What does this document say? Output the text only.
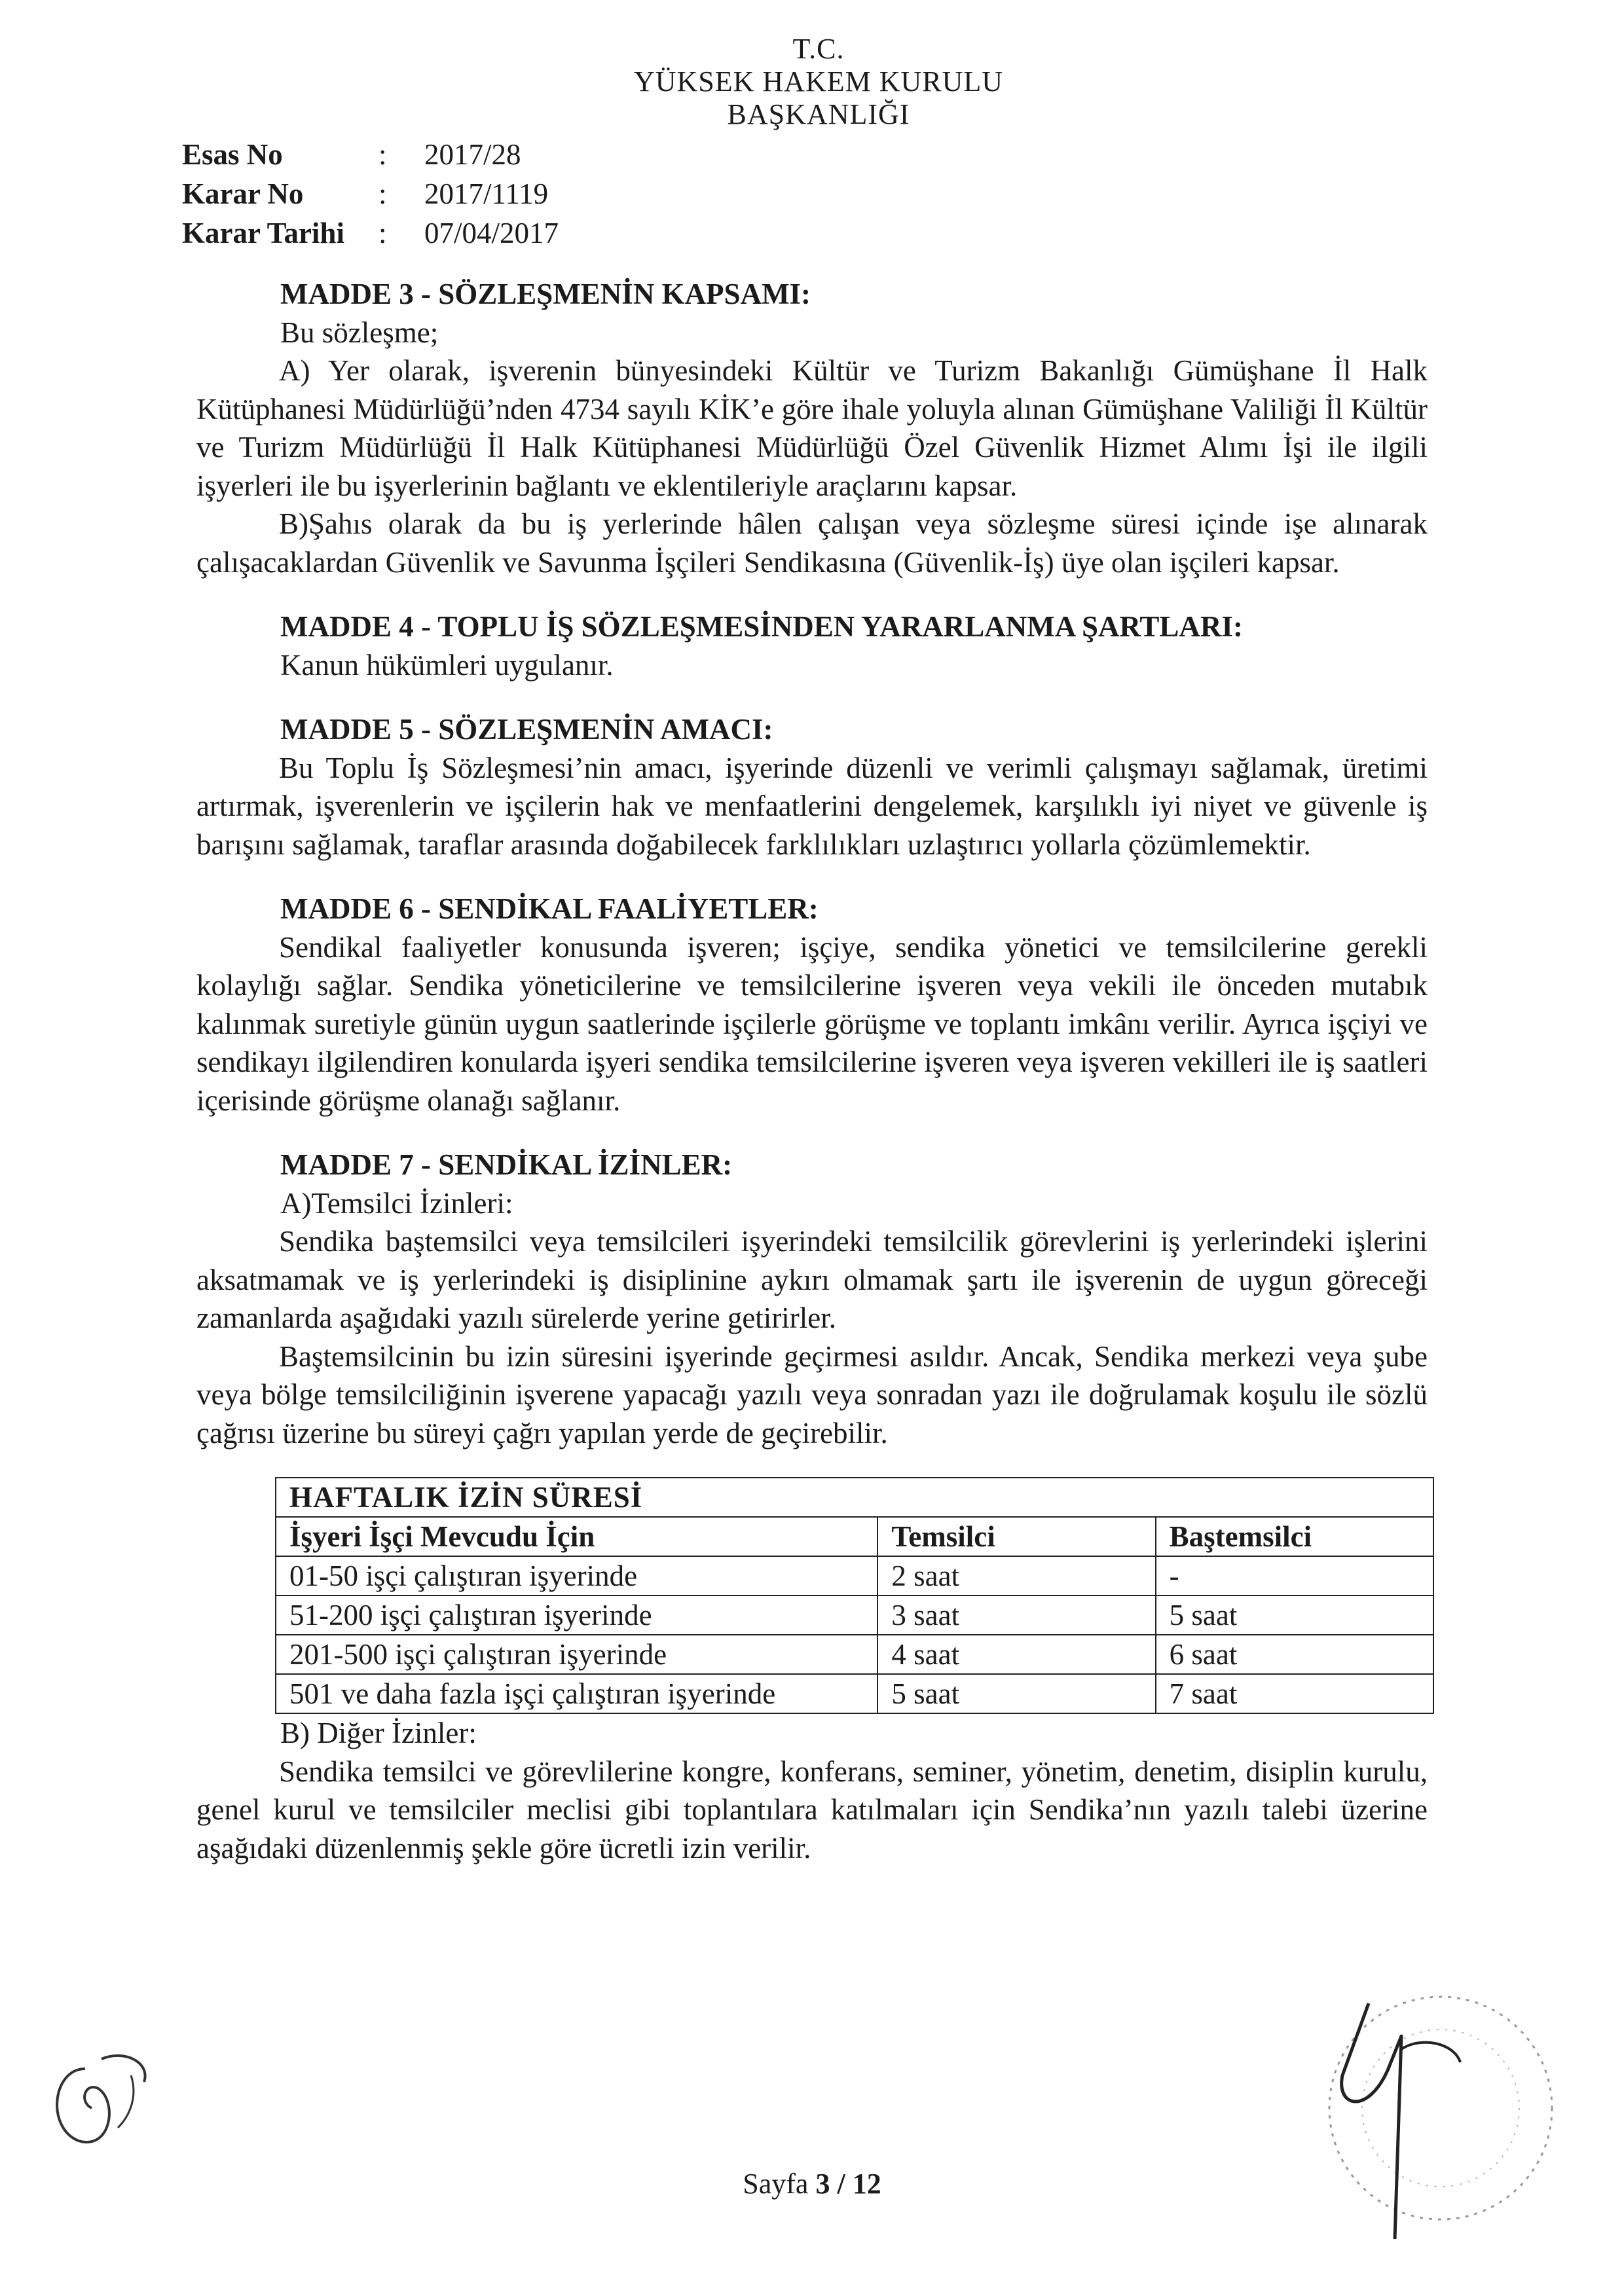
T.C.
YÜKSEK HAKEM KURULU
BAŞKANLIĞI
Esas No	:	2017/28
Karar No	:	2017/1119
Karar Tarihi	:	07/04/2017

MADDE 3 - SÖZLEŞMENİN KAPSAMI:

Bu sözleşme;

A) Yer olarak, işverenin bünyesindeki Kültür ve Turizm Bakanlığı Gümüşhane İl Halk Kütüphanesi Müdürlüğü’nden 4734 sayılı KİK’e göre ihale yoluyla alınan Gümüşhane Valiliği İl Kültür ve Turizm Müdürlüğü İl Halk Kütüphanesi Müdürlüğü Özel Güvenlik Hizmet Alımı İşi ile ilgili işyerleri ile bu işyerlerinin bağlantı ve eklentileriyle araçlarını kapsar.

B)Şahıs olarak da bu iş yerlerinde hâlen çalışan veya sözleşme süresi içinde işe alınarak çalışacaklardan Güvenlik ve Savunma İşçileri Sendikasına (Güvenlik-İş) üye olan işçileri kapsar.

MADDE 4 - TOPLU İŞ SÖZLEŞMESİNDEN YARARLANMA ŞARTLARI:

Kanun hükümleri uygulanır.

MADDE 5 - SÖZLEŞMENİN AMACI:

Bu Toplu İş Sözleşmesi’nin amacı, işyerinde düzenli ve verimli çalışmayı sağlamak, üretimi artırmak, işverenlerin ve işçilerin hak ve menfaatlerini dengelemek, karşılıklı iyi niyet ve güvenle iş barışını sağlamak, taraflar arasında doğabilecek farklılıkları uzlaştırıcı yollarla çözümlemektir.

MADDE 6 - SENDİKAL FAALİYETLER:

Sendikal faaliyetler konusunda işveren; işçiye, sendika yönetici ve temsilcilerine gerekli kolaylığı sağlar. Sendika yöneticilerine ve temsilcilerine işveren veya vekili ile önceden mutabık kalınmak suretiyle günün uygun saatlerinde işçilerle görüşme ve toplantı imkânı verilir. Ayrıca işçiyi ve sendikayı ilgilendiren konularda işyeri sendika temsilcilerine işveren veya işveren vekilleri ile iş saatleri içerisinde görüşme olanağı sağlanır.

MADDE 7 - SENDİKAL İZİNLER:

A)Temsilci İzinleri:

Sendika baştemsilci veya temsilcileri işyerindeki temsilcilik görevlerini iş yerlerindeki işlerini aksatmamak ve iş yerlerindeki iş disiplinine aykırı olmamak şartı ile işverenin de uygun göreceği zamanlarda aşağıdaki yazılı sürelerde yerine getirirler.

Baştemsilcinin bu izin süresini işyerinde geçirmesi asıldır. Ancak, Sendika merkezi veya şube veya bölge temsilciliğinin işverene yapacağı yazılı veya sonradan yazı ile doğrulamak koşulu ile sözlü çağrısı üzerine bu süreyi çağrı yapılan yerde de geçirebilir.

HAFTALIK İZİN SÜRESİ		
İşyeri İşçi Mevcudu İçin	Temsilci	Baştemsilci
01-50 işçi çalıştıran işyerinde	2 saat	-
51-200 işçi çalıştıran işyerinde	3 saat	5 saat
201-500 işçi çalıştıran işyerinde	4 saat	6 saat
501 ve daha fazla işçi çalıştıran işyerinde	5 saat	7 saat

B) Diğer İzinler:

Sendika temsilci ve görevlilerine kongre, konferans, seminer, yönetim, denetim, disiplin kurulu, genel kurul ve temsilciler meclisi gibi toplantılara katılmaları için Sendika’nın yazılı talebi üzerine aşağıdaki düzenlenmiş şekle göre ücretli izin verilir.

Sayfa 3 / 12
